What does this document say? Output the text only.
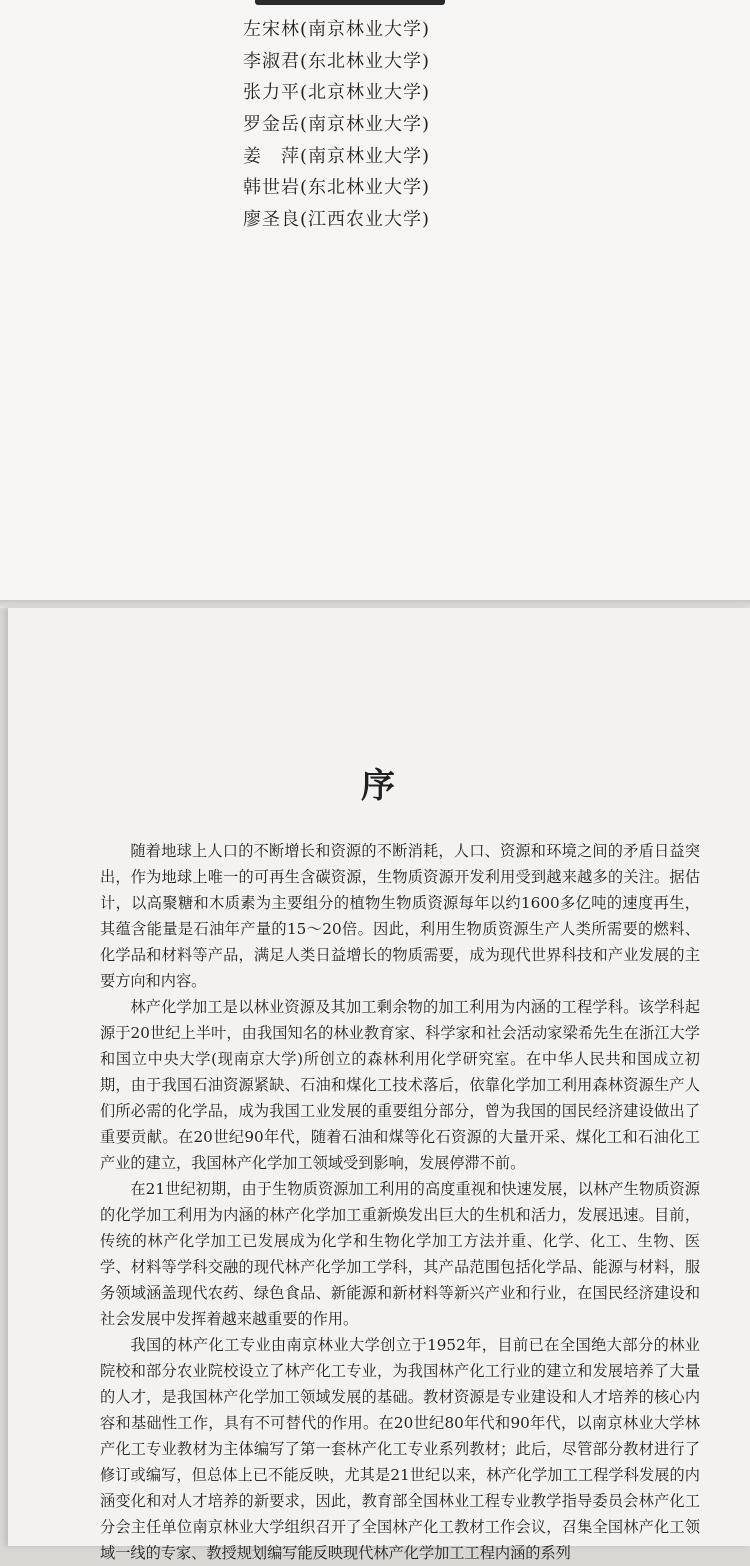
左宋林(南京林业大学)
李淑君(东北林业大学)
张力平(北京林业大学)
罗金岳(南京林业大学)
姜　萍(南京林业大学)
韩世岩(东北林业大学)
廖圣良(江西农业大学)
序

随着地球上人口的不断增长和资源的不断消耗，人口、资源和环境之间的矛盾日益突出，作为地球上唯一的可再生含碳资源，生物质资源开发利用受到越来越多的关注。据估计，以高聚糖和木质素为主要组分的植物生物质资源每年以约1600多亿吨的速度再生，其蕴含能量是石油年产量的15～20倍。因此，利用生物质资源生产人类所需要的燃料、化学品和材料等产品，满足人类日益增长的物质需要，成为现代世界科技和产业发展的主要方向和内容。

林产化学加工是以林业资源及其加工剩余物的加工利用为内涵的工程学科。该学科起源于20世纪上半叶，由我国知名的林业教育家、科学家和社会活动家梁希先生在浙江大学和国立中央大学(现南京大学)所创立的森林利用化学研究室。在中华人民共和国成立初期，由于我国石油资源紧缺、石油和煤化工技术落后，依靠化学加工利用森林资源生产人们所必需的化学品，成为我国工业发展的重要组分部分，曾为我国的国民经济建设做出了重要贡献。在20世纪90年代，随着石油和煤等化石资源的大量开采、煤化工和石油化工产业的建立，我国林产化学加工领域受到影响，发展停滞不前。

在21世纪初期，由于生物质资源加工利用的高度重视和快速发展，以林产生物质资源的化学加工利用为内涵的林产化学加工重新焕发出巨大的生机和活力，发展迅速。目前，传统的林产化学加工已发展成为化学和生物化学加工方法并重、化学、化工、生物、医学、材料等学科交融的现代林产化学加工学科，其产品范围包括化学品、能源与材料，服务领域涵盖现代农药、绿色食品、新能源和新材料等新兴产业和行业，在国民经济建设和社会发展中发挥着越来越重要的作用。

我国的林产化工专业由南京林业大学创立于1952年，目前已在全国绝大部分的林业院校和部分农业院校设立了林产化工专业，为我国林产化工行业的建立和发展培养了大量的人才，是我国林产化学加工领域发展的基础。教材资源是专业建设和人才培养的核心内容和基础性工作，具有不可替代的作用。在20世纪80年代和90年代，以南京林业大学林产化工专业教材为主体编写了第一套林产化工专业系列教材；此后，尽管部分教材进行了修订或编写，但总体上已不能反映，尤其是21世纪以来，林产化学加工工程学科发展的内涵变化和对人才培养的新要求，因此，教育部全国林业工程专业教学指导委员会林产化工分会主任单位南京林业大学组织召开了全国林产化工教材工作会议，召集全国林产化工领域一线的专家、教授规划编写能反映现代林产化学加工工程内涵的系列
